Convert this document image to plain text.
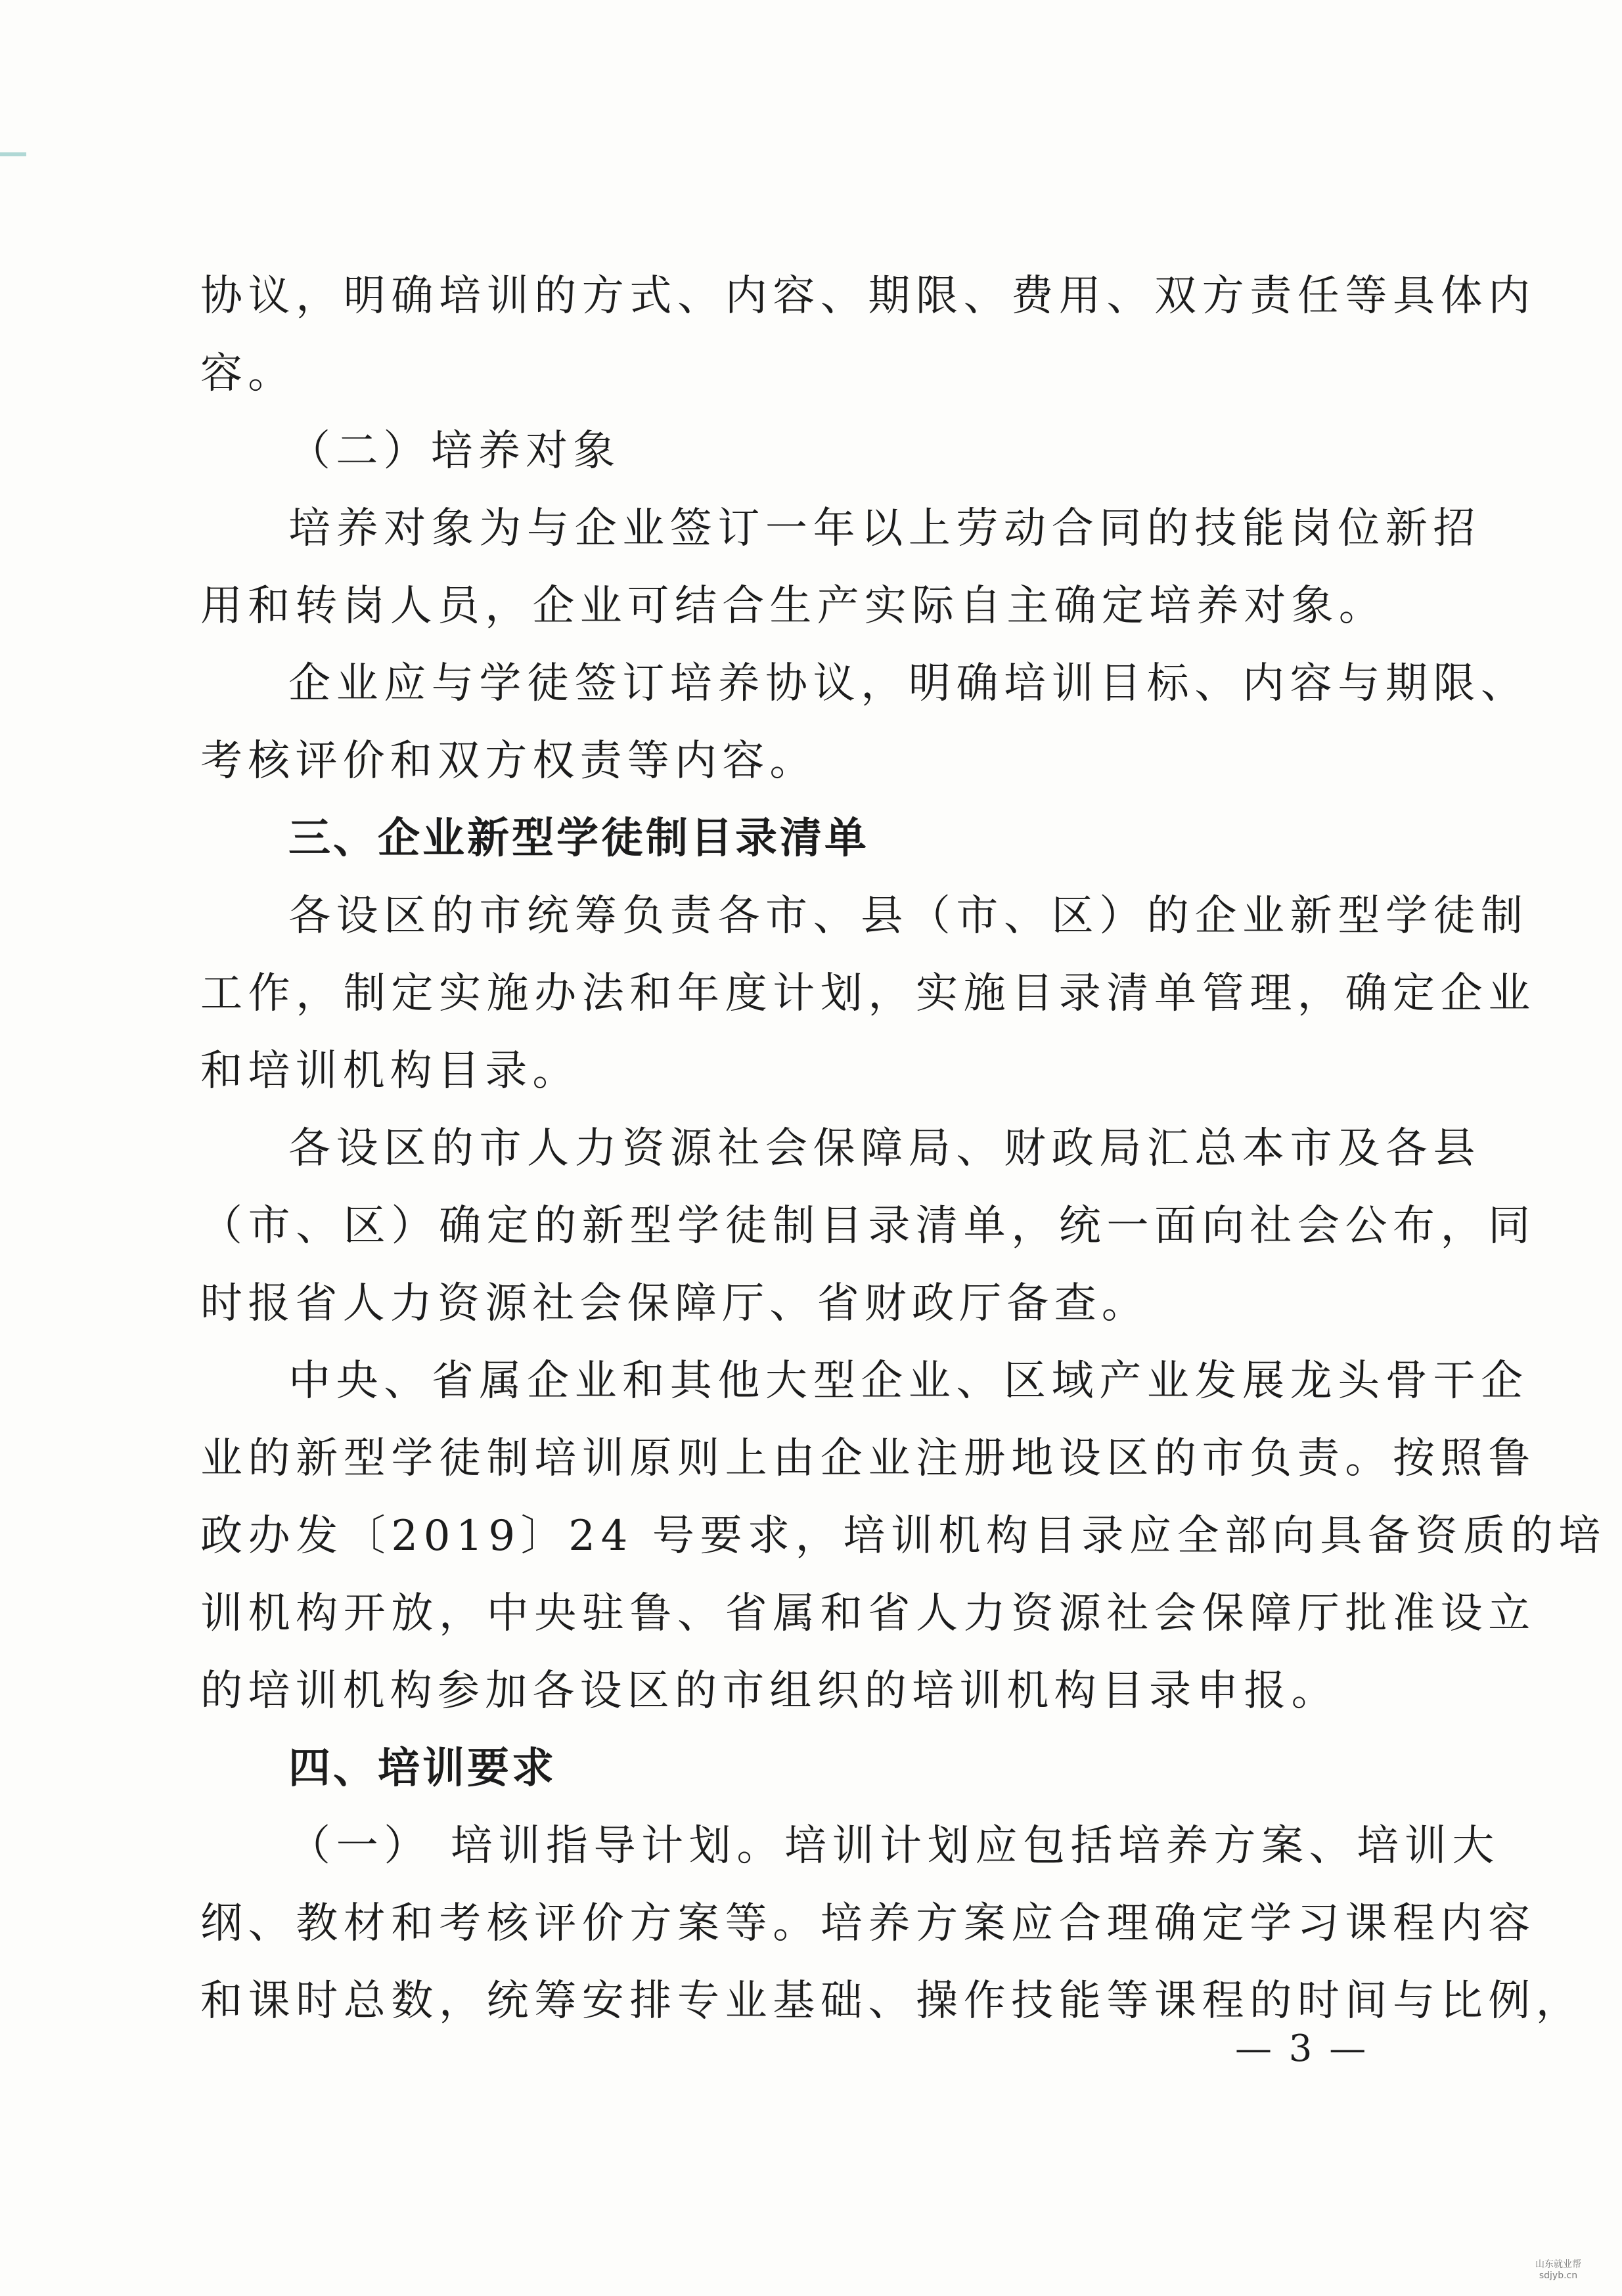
协议，明确培训的方式、内容、期限、费用、双方责任等具体内
容。
（二）培养对象
培养对象为与企业签订一年以上劳动合同的技能岗位新招
用和转岗人员，企业可结合生产实际自主确定培养对象。
企业应与学徒签订培养协议，明确培训目标、内容与期限、
考核评价和双方权责等内容。
三、企业新型学徒制目录清单
各设区的市统筹负责各市、县（市、区）的企业新型学徒制
工作，制定实施办法和年度计划，实施目录清单管理，确定企业
和培训机构目录。
各设区的市人力资源社会保障局、财政局汇总本市及各县
（市、区）确定的新型学徒制目录清单，统一面向社会公布，同
时报省人力资源社会保障厅、省财政厅备查。
中央、省属企业和其他大型企业、区域产业发展龙头骨干企
业的新型学徒制培训原则上由企业注册地设区的市负责。按照鲁
政办发〔2019〕24 号要求，培训机构目录应全部向具备资质的培
训机构开放，中央驻鲁、省属和省人力资源社会保障厅批准设立
的培训机构参加各设区的市组织的培训机构目录申报。
四、培训要求
（一） 培训指导计划。培训计划应包括培养方案、培训大
纲、教材和考核评价方案等。培养方案应合理确定学习课程内容
和课时总数，统筹安排专业基础、操作技能等课程的时间与比例，
— 3 —
山东就业帮
sdjyb.cn
